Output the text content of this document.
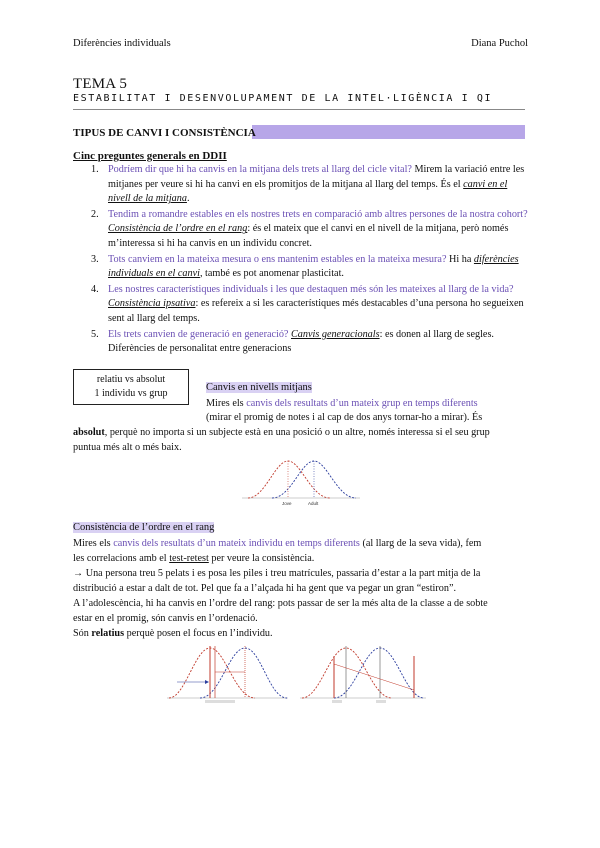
Diferències individuals	Diana Puchol
TEMA 5
ESTABILITAT I DESENVOLUPAMENT DE LA INTEL·LIGÈNCIA I QI
TIPUS DE CANVI I CONSISTÈNCIA
Cinc preguntes generals en DDII
1. Podríem dir que hi ha canvis en la mitjana dels trets al llarg del cicle vital? Mirem la variació entre les mitjanes per veure si hi ha canvi en els promitjos de la mitjana al llarg del temps. És el canvi en el nivell de la mitjana.
2. Tendim a romandre estables en els nostres trets en comparació amb altres persones de la nostra cohort? Consistència de l’ordre en el rang: és el mateix que el canvi en el nivell de la mitjana, però només m’interessa si hi ha canvis en un individu concret.
3. Tots canviem en la mateixa mesura o ens mantenim estables en la mateixa mesura? Hi ha diferències individuals en el canvi, també es pot anomenar plasticitat.
4. Les nostres característiques individuals i les que destaquen més són les mateixes al llarg de la vida? Consistència ipsativa: es refereix a si les característiques més destacables d’una persona ho segueixen sent al llarg del temps.
5. Els trets canvien de generació en generació? Canvis generacionals: es donen al llarg de segles. Diferències de personalitat entre generacions
relatiu vs absolut
1 individu vs grup
Canvis en nivells mitjans
Mires els canvis dels resultats d’un mateix grup en temps diferents
(mirar el promig de notes i al cap de dos anys tornar-ho a mirar). És
absolut, perquè no importa si un subjecte està en una posició o un altre, només interessa si el seu grup
puntua més alt o més baix.
Jove	Adult
Consistència de l’ordre en el rang
Mires els canvis dels resultats d’un mateix individu en temps diferents (al llarg de la seva vida), fem
les correlacions amb el test-retest per veure la consistència.
→ Una persona treu 5 pelats i es posa les piles i treu matrícules, passaria d’estar a la part mitja de la
distribució a estar a dalt de tot. Pel que fa a l’alçada hi ha gent que va pegar un gran “estiron”.
A l’adolescència, hi ha canvis en l’ordre del rang: pots passar de ser la més alta de la classe a de sobte
estar en el promig, són canvis en l’ordenació.
Són relatius perquè posen el focus en l’individu.
